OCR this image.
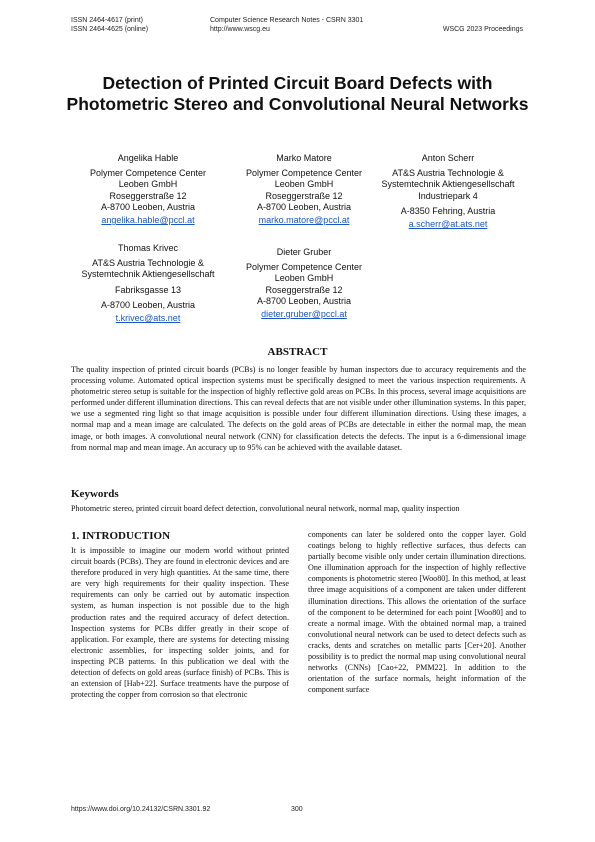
ISSN 2464-4617 (print)
ISSN 2464-4625 (online)
Computer Science Research Notes - CSRN 3301
http://www.wscg.eu	WSCG 2023 Proceedings
Detection of Printed Circuit Board Defects with Photometric Stereo and Convolutional Neural Networks
Angelika Hable
Polymer Competence Center
Leoben GmbH
Roseggerstraße 12
A-8700 Leoben, Austria
angelika.hable@pccl.at
Marko Matore
Polymer Competence Center
Leoben GmbH
Roseggerstraße 12
A-8700 Leoben, Austria
marko.matore@pccl.at
Anton Scherr
AT&S Austria Technologie &
Systemtechnik Aktiengesellschaft
Industriepark 4
A-8350 Fehring, Austria
a.scherr@at.ats.net
Thomas Krivec
AT&S Austria Technologie &
Systemtechnik Aktiengesellschaft
Fabriksgasse 13
A-8700 Leoben, Austria
t.krivec@ats.net
Dieter Gruber
Polymer Competence Center
Leoben GmbH
Roseggerstraße 12
A-8700 Leoben, Austria
dieter.gruber@pccl.at
ABSTRACT

The quality inspection of printed circuit boards (PCBs) is no longer feasible by human inspectors due to accuracy requirements and the processing volume. Automated optical inspection systems must be specifically designed to meet the various inspection requirements. A photometric stereo setup is suitable for the inspection of highly reflective gold areas on PCBs. In this process, several image acquisitions are performed under different illumination directions. This can reveal defects that are not visible under other illumination systems. In this paper, we use a segmented ring light so that image acquisition is possible under four different illumination directions. Using these images, a normal map and a mean image are calculated. The defects on the gold areas of PCBs are detectable in either the normal map, the mean image, or both images. A convolutional neural network (CNN) for classification detects the defects. The input is a 6-dimensional image from normal map and mean image. An accuracy up to 95% can be achieved with the available dataset.

Keywords

Photometric stereo, printed circuit board defect detection, convolutional neural network, normal map, quality inspection

1. INTRODUCTION

It is impossible to imagine our modern world without printed circuit boards (PCBs). They are found in electronic devices and are therefore produced in very high quantities. At the same time, there are very high requirements for their quality inspection. These requirements can only be carried out by automatic inspection system, as human inspection is not possible due to the high production rates and the required accuracy of defect detection. Inspection systems for PCBs differ greatly in their scope of application. For example, there are systems for detecting missing electronic assemblies, for inspecting solder joints, and for inspecting PCB patterns. In this publication we deal with the detection of defects on gold areas (surface finish) of PCBs. This is an extension of [Hab+22]. Surface treatments have the purpose of protecting the copper from corrosion so that electronic

components can later be soldered onto the copper layer. Gold coatings belong to highly reflective surfaces, thus defects can partially become visible only under certain illumination directions. One illumination approach for the inspection of highly reflective components is photometric stereo [Woo80]. In this method, at least three image acquisitions of a component are taken under different illumination directions. This allows the orientation of the surface of the component to be determined for each point [Woo80] and to create a normal image. With the obtained normal map, a trained convolutional neural network can be used to detect defects such as cracks, dents and scratches on metallic parts [Cer+20]. Another possibility is to predict the normal map using convolutional neural networks (CNNs) [Cao+22, PMM22]. In addition to the orientation of the surface normals, height information of the component surface

https://www.doi.org/10.24132/CSRN.3301.92	300
